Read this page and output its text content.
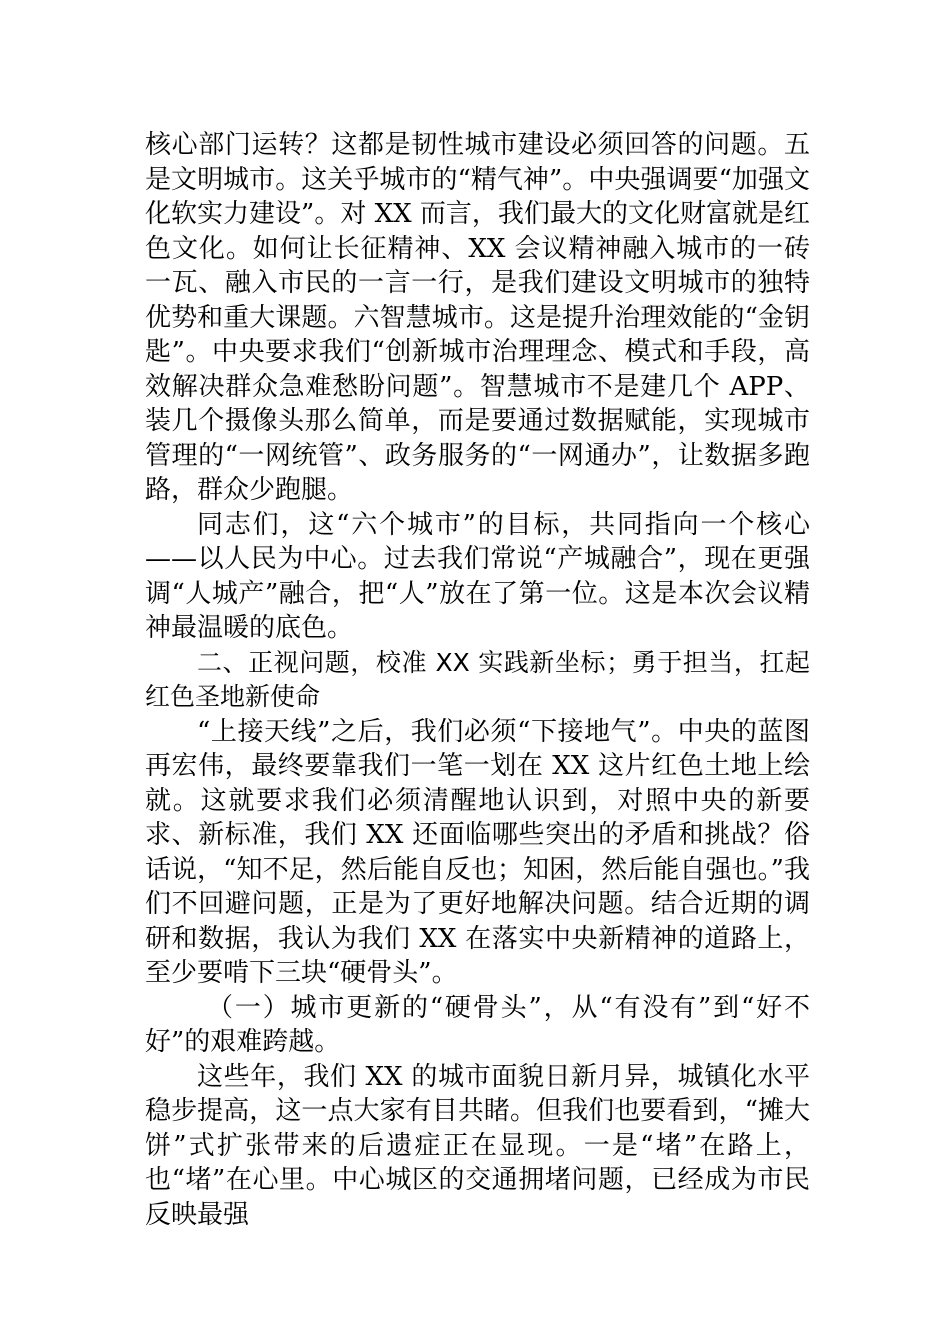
核心部门运转？这都是韧性城市建设必须回答的问题。五是文明城市。这关乎城市的“精气神”。中央强调要“加强文化软实力建设”。对 XX 而言，我们最大的文化财富就是红色文化。如何让长征精神、XX 会议精神融入城市的一砖一瓦、融入市民的一言一行，是我们建设文明城市的独特优势和重大课题。六智慧城市。这是提升治理效能的“金钥匙”。中央要求我们“创新城市治理理念、模式和手段，高效解决群众急难愁盼问题”。智慧城市不是建几个 APP、装几个摄像头那么简单，而是要通过数据赋能，实现城市管理的“一网统管”、政务服务的“一网通办”，让数据多跑路，群众少跑腿。

同志们，这“六个城市”的目标，共同指向一个核心——以人民为中心。过去我们常说“产城融合”，现在更强调“人城产”融合，把“人”放在了第一位。这是本次会议精神最温暖的底色。

二、正视问题，校准 XX 实践新坐标；勇于担当，扛起红色圣地新使命

“上接天线”之后，我们必须“下接地气”。中央的蓝图再宏伟，最终要靠我们一笔一划在 XX 这片红色土地上绘就。这就要求我们必须清醒地认识到，对照中央的新要求、新标准，我们 XX 还面临哪些突出的矛盾和挑战？俗话说，“知不足，然后能自反也；知困，然后能自强也。”我们不回避问题，正是为了更好地解决问题。结合近期的调研和数据，我认为我们 XX 在落实中央新精神的道路上，至少要啃下三块“硬骨头”。

（一）城市更新的“硬骨头”，从“有没有”到“好不好”的艰难跨越。

这些年，我们 XX 的城市面貌日新月异，城镇化水平稳步提高，这一点大家有目共睹。但我们也要看到，“摊大饼”式扩张带来的后遗症正在显现。一是“堵”在路上，也“堵”在心里。中心城区的交通拥堵问题，已经成为市民反映最强
